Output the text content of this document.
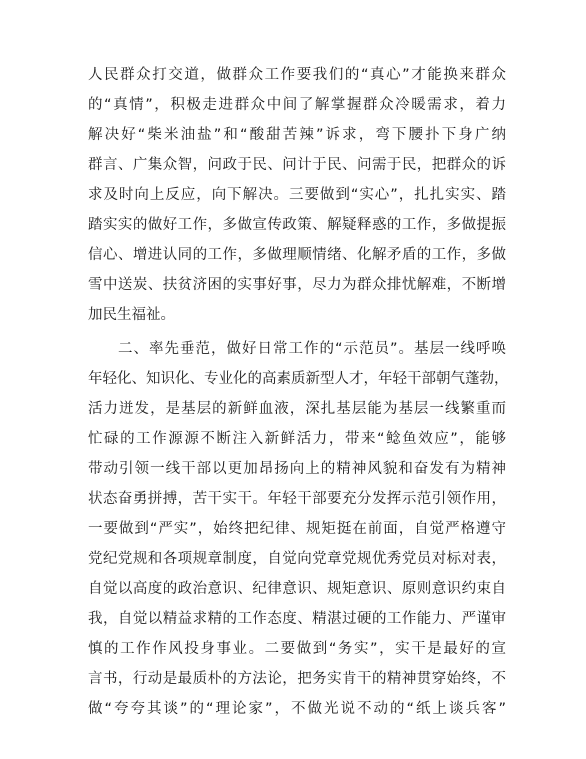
人民群众打交道，做群众工作要我们的“真心”才能换来群众
的“真情”，积极走进群众中间了解掌握群众冷暖需求，着力
解决好“柴米油盐”和“酸甜苦辣”诉求，弯下腰扑下身广纳
群言、广集众智，问政于民、问计于民、问需于民，把群众的诉
求及时向上反应，向下解决。三要做到“实心”，扎扎实实、踏
踏实实的做好工作，多做宣传政策、解疑释惑的工作，多做提振
信心、增进认同的工作，多做理顺情绪、化解矛盾的工作，多做
雪中送炭、扶贫济困的实事好事，尽力为群众排忧解难，不断增
加民生福祉。
二、率先垂范，做好日常工作的“示范员”。基层一线呼唤
年轻化、知识化、专业化的高素质新型人才，年轻干部朝气蓬勃，
活力迸发，是基层的新鲜血液，深扎基层能为基层一线繁重而
忙碌的工作源源不断注入新鲜活力，带来“鲶鱼效应”，能够
带动引领一线干部以更加昂扬向上的精神风貌和奋发有为精神
状态奋勇拼搏，苦干实干。年轻干部要充分发挥示范引领作用，
一要做到“严实”，始终把纪律、规矩挺在前面，自觉严格遵守
党纪党规和各项规章制度，自觉向党章党规优秀党员对标对表，
自觉以高度的政治意识、纪律意识、规矩意识、原则意识约束自
我，自觉以精益求精的工作态度、精湛过硬的工作能力、严谨审
慎的工作作风投身事业。二要做到“务实”，实干是最好的宣
言书，行动是最质朴的方法论，把务实肯干的精神贯穿始终，不
做“夸夸其谈”的“理论家”，不做光说不动的“纸上谈兵客”
